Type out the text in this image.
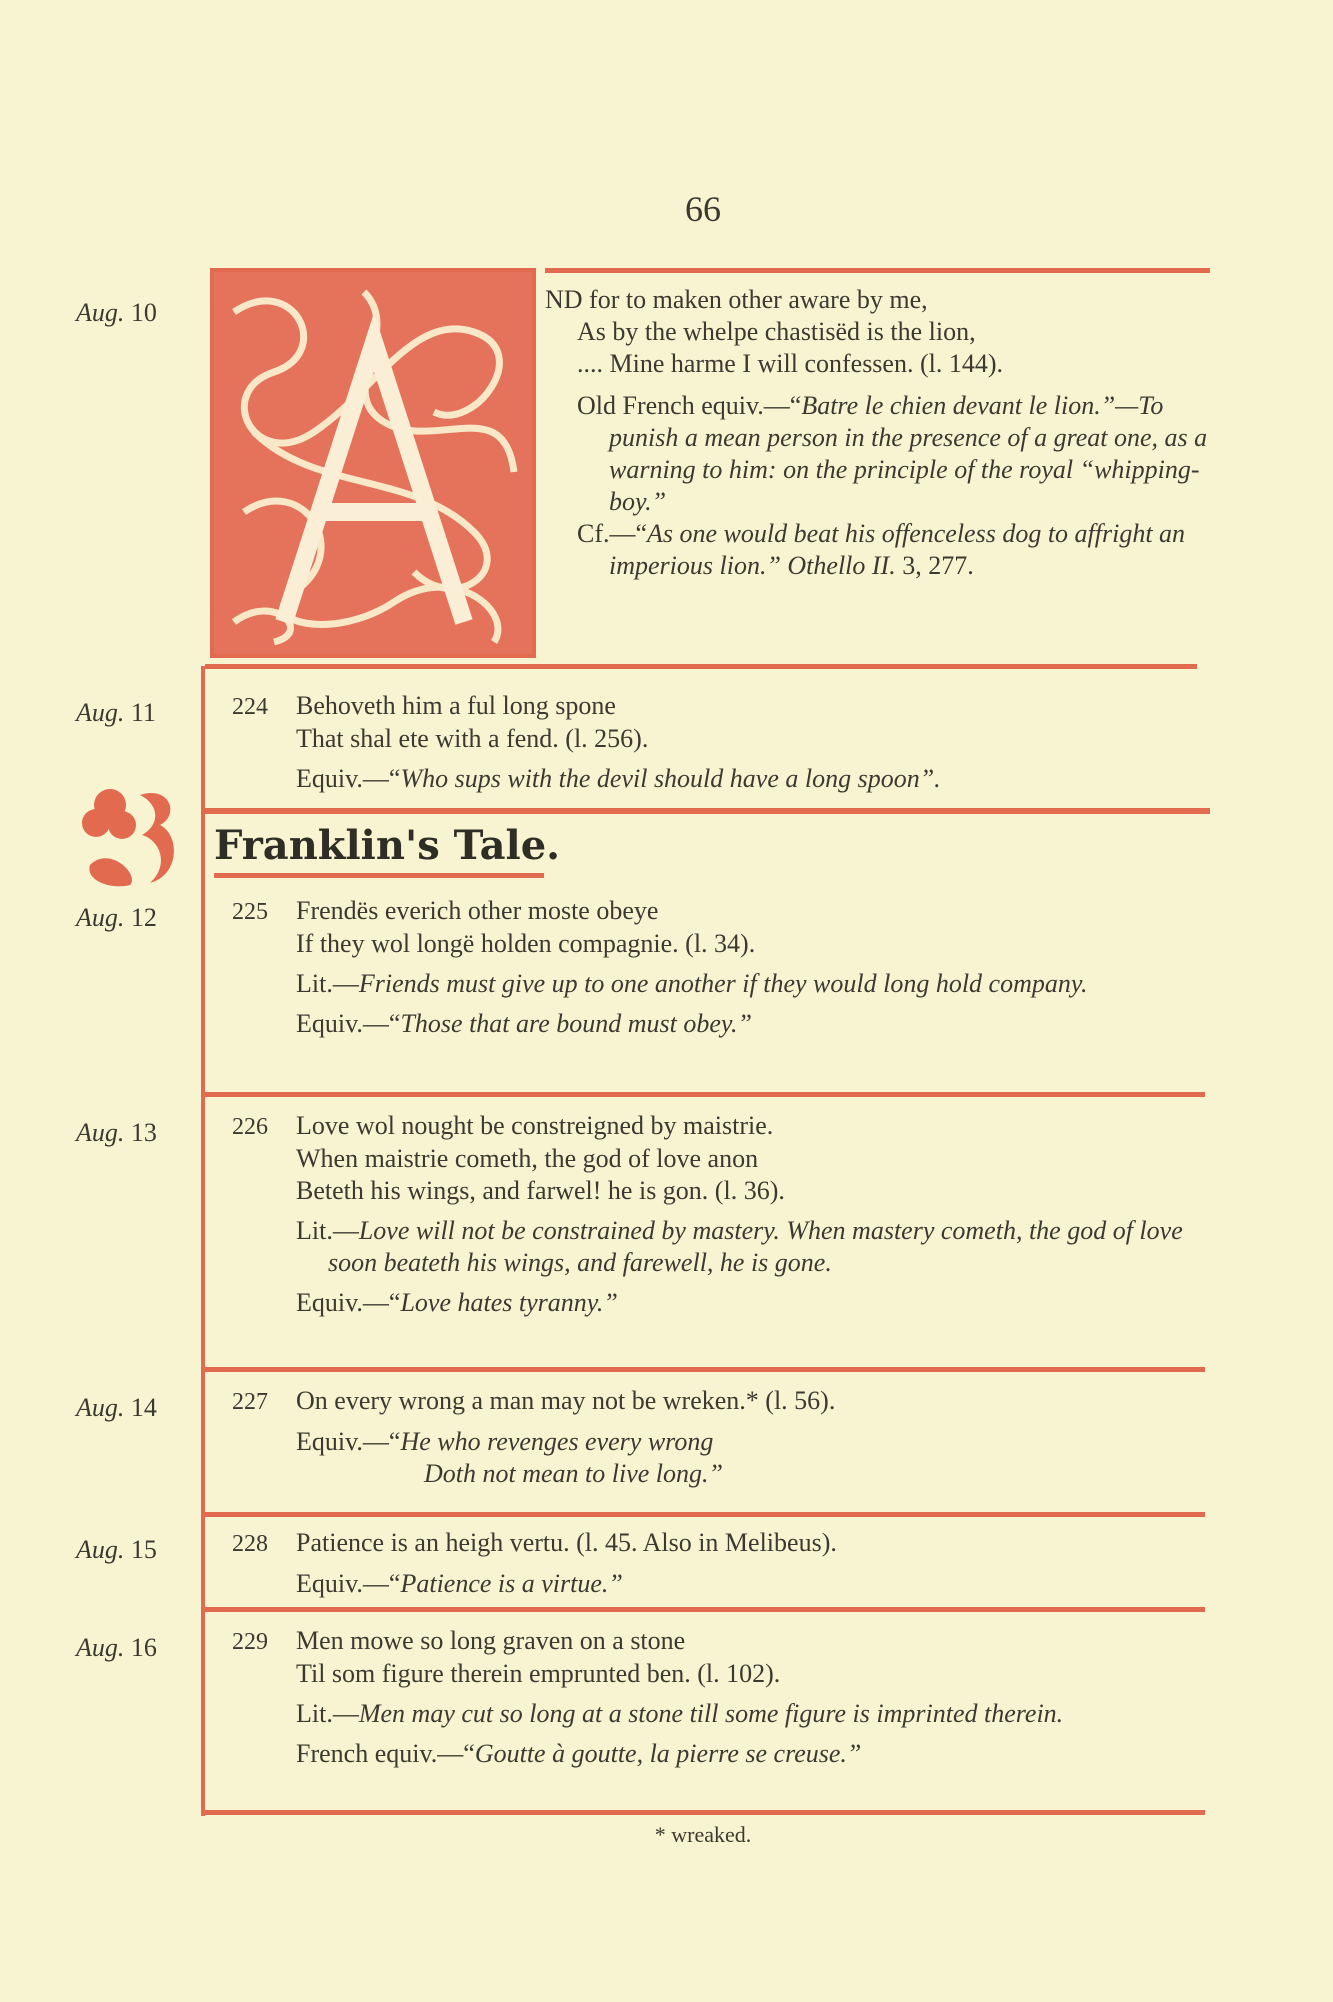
66
Aug. 10	ND for to maken other aware by me,
As by the whelpe chastisëd is the lion,
.... Mine harme I will confessen. (l. 144).
Old French equiv.—“Batre le chien devant le lion.”—To punish a mean person in the presence of a great one, as a warning to him: on the principle of the royal “whipping-boy.”
Cf.—“As one would beat his offenceless dog to affright an imperious lion.” Othello II. 3, 277.
Aug. 11	224 Behoveth him a ful long spone
That shal ete with a fend. (l. 256).
Equiv.—“Who sups with the devil should have a long spoon”.
Aug. 12	225 Frendës everich other moste obeye
If they wol longë holden compagnie. (l. 34).
Lit.—Friends must give up to one another if they would long hold company.
Equiv.—“Those that are bound must obey.”
Aug. 13	226 Love wol nought be constreigned by maistrie.
When maistrie cometh, the god of love anon
Beteth his wings, and farwel! he is gon. (l. 36).
Lit.—Love will not be constrained by mastery. When mastery cometh, the god of love soon beateth his wings, and farewell, he is gone.
Equiv.—“Love hates tyranny.”
Aug. 14	227 On every wrong a man may not be wreken.* (l. 56).
Equiv.—“He who revenges every wrong
Doth not mean to live long.”
Aug. 15	228 Patience is an heigh vertu. (l. 45. Also in Melibeus).
Equiv.—“Patience is a virtue.”
Aug. 16	229 Men mowe so long graven on a stone
Til som figure therein emprunted ben. (l. 102).
Lit.—Men may cut so long at a stone till some figure is imprinted therein.
French equiv.—“Goutte à goutte, la pierre se creuse.”
Franklin's Tale.
* wreaked.
